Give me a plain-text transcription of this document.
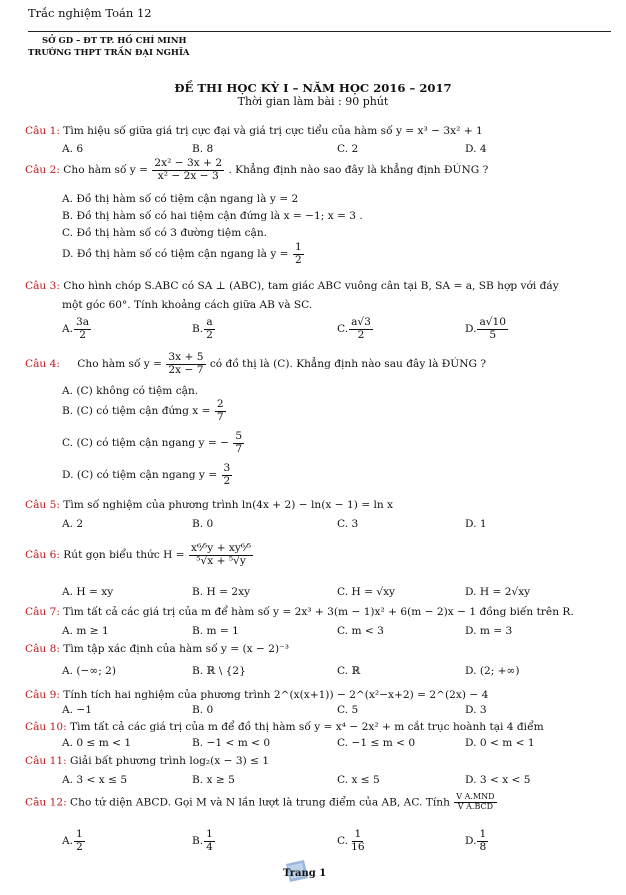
Trắc nghiệm Toán 12
SỞ GD – ĐT TP. HỒ CHÍ MINH
TRƯỜNG THPT TRẦN ĐẠI NGHĨA
ĐỀ THI HỌC KỲ I – NĂM HỌC 2016 – 2017
Thời gian làm bài : 90 phút
Câu 1: Tìm hiệu số giữa giá trị cực đại và giá trị cực tiểu của hàm số y = x³ − 3x² + 1
A. 6	B. 8	C. 2	D. 4
Câu 2: Cho hàm số $y = \frac{\text{2x² − 3x + 2}}{\text{x² − 2x − 3}}$ . Khẳng định nào sao đây là khẳng định ĐÚNG ?
A. Đồ thị hàm số có tiệm cận ngang là y = 2
B. Đồ thị hàm số có hai tiệm cận đứng là x = −1; x = 3 .
C. Đồ thị hàm số có 3 đường tiệm cận.
D. Đồ thị hàm số có tiệm cận ngang là $y = \frac{1}{2}$
Câu 3: Cho hình chóp S.ABC có SA ⊥ (ABC), tam giác ABC vuông cân tại B, SA = a, SB hợp với đáy
một góc 60°. Tính khoảng cách giữa AB và SC.
A. $\frac{3a}{2}$	B. $\frac{a}{2}$	C. $\frac{a√3}{2}$	D. $\frac{a√10}{5}$
Câu 4: Cho hàm số $y = \frac{3x + 5}{2x - 7}$ có đồ thị là (C). Khẳng định nào sau đây là ĐÚNG ?
A. (C) không có tiệm cận.
B. (C) có tiệm cận đứng $x = \frac{2}{7}$
C. (C) có tiệm cận ngang y = − $\frac{5}{7}$
D. (C) có tiệm cận ngang $y = \frac{3}{2}$
Câu 5: Tìm số nghiệm của phương trình ln(4x + 2) − ln(x − 1) = ln x
A. 2	B. 0	C. 3	D. 1
Câu 6: Rút gọn biểu thức $H = \frac{\text{x⁶⁄⁵y + xy⁶⁄⁵}}{\text{⁵√x + ⁵√y}}$
A. H = xy	B. H = 2xy	C. H = √xy	D. H = 2√xy
Câu 7: Tìm tất cả các giá trị của m để hàm số y = 2x³ + 3(m − 1)x² + 6(m − 2)x − 1 đồng biến trên R.
A. m ≥ 1	B. m = 1	C. m < 3	D. m = 3
Câu 8: Tìm tập xác định của hàm số y = (x − 2)⁻³
A. (−∞; 2)	B. ℝ \ {2}	C. ℝ	D. (2; +∞)
Câu 9: Tính tích hai nghiệm của phương trình 2^(x(x+1)) − 2^(x²−x+2) = 2^(2x) − 4
A. −1	B. 0	C. 5	D. 3
Câu 10: Tìm tất cả các giá trị của m để đồ thị hàm số y = x⁴ − 2x² + m cắt trục hoành tại 4 điểm
A. 0 ≤ m < 1	B. −1 < m < 0	C. −1 ≤ m < 0	D. 0 < m < 1
Câu 11: Giải bất phương trình log₂(x − 3) ≤ 1
A. 3 < x ≤ 5	B. x ≥ 5	C. x ≤ 5	D. 3 < x < 5
Câu 12: Cho tứ diện ABCD. Gọi M và N lần lượt là trung điểm của AB, AC. Tính $\frac{\text{V A.MND}}{\text{V A.BCD}}$
A. $\frac{1}{2}$	B. $\frac{1}{4}$	C. $\frac{1}{16}$	D. $\frac{1}{8}$
Trang 1
